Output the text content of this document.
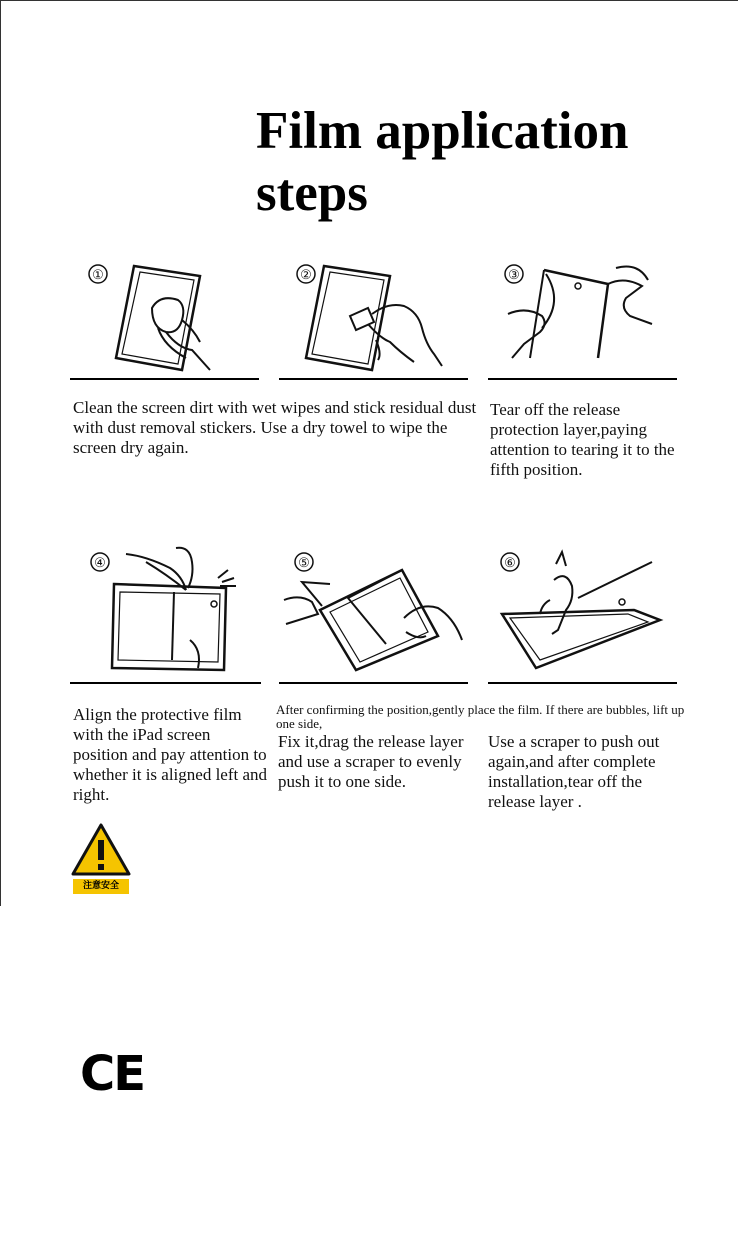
Film application steps
①	②	③
Clean the screen dirt with wet wipes and stick residual dust with dust removal stickers. Use a dry towel to wipe the screen dry again.
Tear off the release protection layer,paying attention to tearing it to the fifth position.
④	⑤	⑥
After confirming the position,gently place the film. If there are bubbles, lift up one side,
Align the protective film with the iPad screen position and pay attention to whether it is aligned left and right.
Fix it,drag the release layer and use a scraper to evenly push it to one side.
Use a scraper to push out again,and after complete installation,tear off the release layer .
注意安全
CE
